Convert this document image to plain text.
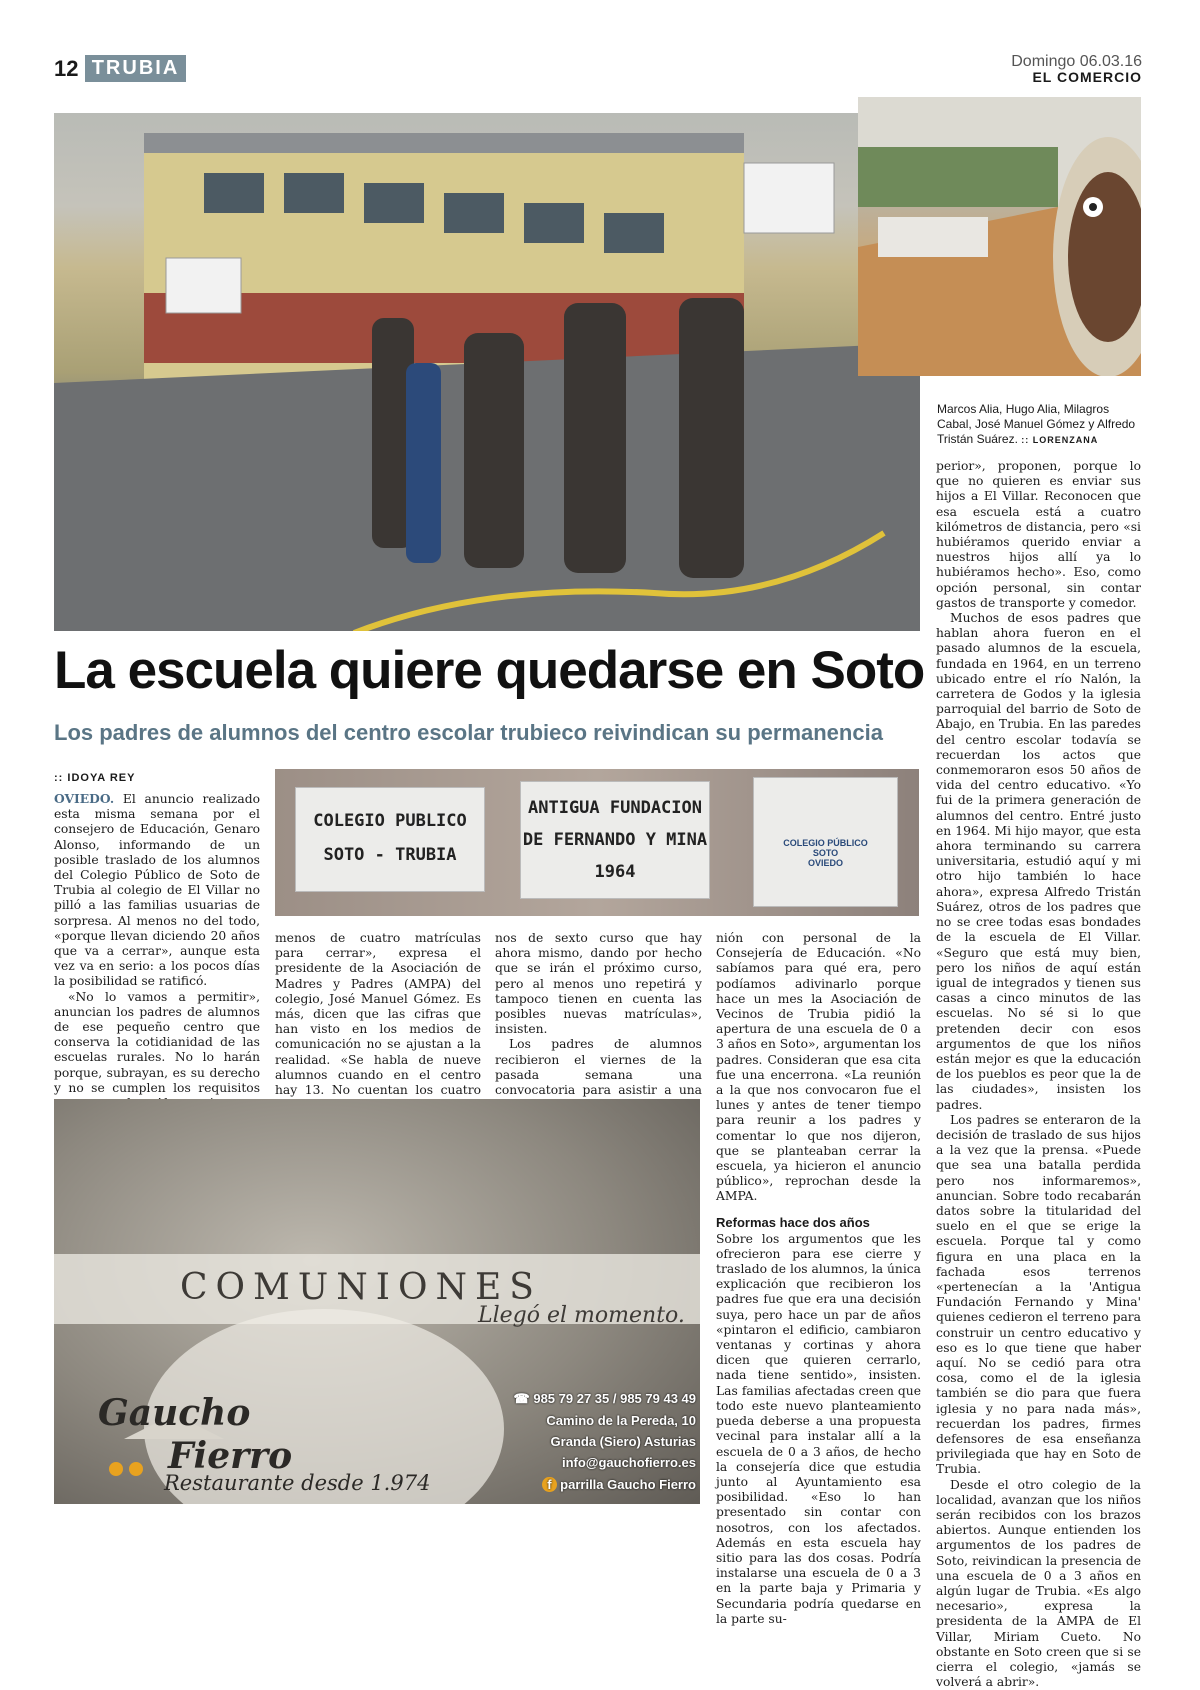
12 TRUBIA	Domingo 06.03.16
EL COMERCIO
Marcos Alia, Hugo Alia, Milagros Cabal, José Manuel Gómez y Alfredo Tristán Suárez. :: LORENZANA
La escuela quiere quedarse en Soto
Los padres de alumnos del centro escolar trubieco reivindican su permanencia
:: IDOYA REY
COLEGIO PUBLICO
SOTO - TRUBIA
ANTIGUA FUNDACION
DE FERNANDO Y MINA
1964
COLEGIO PÚBLICO
SOTO
OVIEDO

OVIEDO. El anuncio realizado esta misma semana por el consejero de Educación, Genaro Alonso, informando de un posible traslado de los alumnos del Colegio Público de Soto de Trubia al colegio de El Villar no pilló a las familias usuarias de sorpresa. Al menos no del todo, «porque llevan diciendo 20 años que va a cerrar», aunque esta vez va en serio: a los pocos días la posibilidad se ratificó.

«No lo vamos a permitir», anuncian los padres de alumnos de ese pequeño centro que conserva la cotidianidad de las escuelas rurales. No lo harán porque, subrayan, es su derecho y no se cumplen los requisitos

menos de cuatro matrículas para cerrar», expresa el presidente de la Asociación de Madres y Padres (AMPA) del colegio, José Manuel Gómez. Es más, dicen que las cifras que han visto en los medios de comunicación no se ajustan a la realidad. «Se habla de nueve alumnos cuando en el centro hay 13. No cuentan los cuatro

nos de sexto curso que hay ahora mismo, dando por hecho que se irán el próximo curso, pero al menos uno repetirá y tampoco tienen en cuenta las posibles nuevas matrículas», insisten.

Los padres de alumnos recibieron el viernes de la pasada semana una convocatoria para asistir a una

nión con personal de la Consejería de Educación. «No sabíamos para qué era, pero podíamos adivinarlo porque hace un mes la Asociación de Vecinos de Trubia pidió la apertura de una escuela de 0 a 3 años en Soto», argumentan los padres. Consideran que esa cita fue una encerrona. «La reunión a la que nos convocaron fue el lunes y antes de tener tiempo para reunir a los padres y comentar lo que nos dijeron, que se planteaban cerrar la escuela, ya hicieron el anuncio público», reprochan desde la AMPA.

Reformas hace dos años

Sobre los argumentos que les ofrecieron para ese cierre y traslado de los alumnos, la única explicación que recibieron los padres fue que era una decisión suya, pero hace un par de años «pintaron el edificio, cambiaron ventanas y cortinas y ahora dicen que quieren cerrarlo, nada tiene sentido», insisten. Las familias afectadas creen que todo este nuevo planteamiento pueda deberse a una propuesta vecinal para instalar allí a la escuela de 0 a 3 años, de hecho la consejería dice que estudia junto al Ayuntamiento esa posibilidad. «Eso lo han presentado sin contar con nosotros, con los afectados. Además en esta escuela hay sitio para las dos cosas. Podría instalarse una escuela de 0 a 3 en la parte baja y Primaria y Secundaria podría quedarse en la parte su-

perior», proponen, porque lo que no quieren es enviar sus hijos a El Villar. Reconocen que esa escuela está a cuatro kilómetros de distancia, pero «si hubiéramos querido enviar a nuestros hijos allí ya lo hubiéramos hecho». Eso, como opción personal, sin contar gastos de transporte y comedor.

Muchos de esos padres que hablan ahora fueron en el pasado alumnos de la escuela, fundada en 1964, en un terreno ubicado entre el río Nalón, la carretera de Godos y la iglesia parroquial del barrio de Soto de Abajo, en Trubia. En las paredes del centro escolar todavía se recuerdan los actos que conmemoraron esos 50 años de vida del centro educativo. «Yo fui de la primera generación de alumnos del centro. Entré justo en 1964. Mi hijo mayor, que esta ahora terminando su carrera universitaria, estudió aquí y mi otro hijo también lo hace ahora», expresa Alfredo Tristán Suárez, otros de los padres que no se cree todas esas bondades de la escuela de El Villar. «Seguro que está muy bien, pero los niños de aquí están igual de integrados y tienen sus casas a cinco minutos de las escuelas. No sé si lo que pretenden decir con esos argumentos de que los niños están mejor es que la educación de los pueblos es peor que la de las ciudades», insisten los padres.

Los padres se enteraron de la decisión de traslado de sus hijos a la vez que la prensa. «Puede que sea una batalla perdida pero nos informaremos», anuncian. Sobre todo recabarán datos sobre la titularidad del suelo en el que se erige la escuela. Porque tal y como figura en una placa en la fachada esos terrenos «pertenecían a la 'Antigua Fundación Fernando y Mina' quienes cedieron el terreno para construir un centro educativo y eso es lo que tiene que haber aquí. No se cedió para otra cosa, como el de la iglesia también se dio para que fuera iglesia y no para nada más», recuerdan los padres, firmes defensores de esa enseñanza privilegiada que hay en Soto de Trubia.

Desde el otro colegio de la localidad, avanzan que los niños serán recibidos con los brazos abiertos. Aunque entienden los argumentos de los padres de Soto, reivindican la presencia de una escuela de 0 a 3 años en algún lugar de Trubia. «Es algo necesario», expresa la presidenta de la AMPA de El Villar, Miriam Cueto. No obstante en Soto creen que si se cierra el colegio, «jamás se volverá a abrir».

COMUNIONES
Llegó el momento.
Gaucho
Fierro
Restaurante desde 1.974
☎ 985 79 27 35 / 985 79 43 49
Camino de la Pereda, 10
Granda (Siero) Asturias
info@gauchofierro.es
f parrilla Gaucho Fierro
